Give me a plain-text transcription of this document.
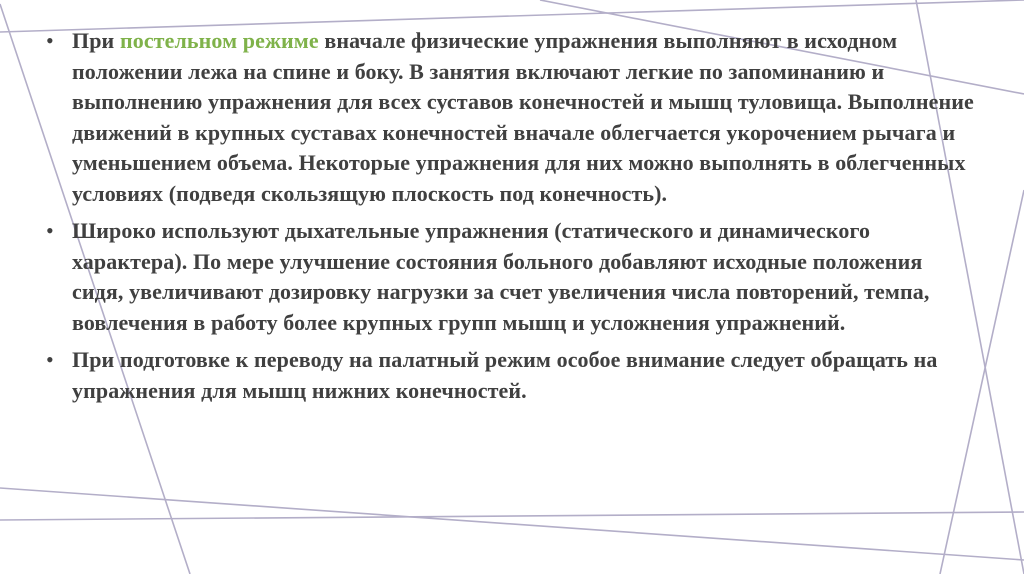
• При постельном режиме вначале физические упражнения выполняют в исходном положении лежа на спине и боку. В занятия включают легкие по запоминанию и выполнению упражнения для всех суставов конечностей и мышц туловища. Выполнение движений в крупных суставах конечностей вначале облегчается укорочением рычага и уменьшением объема. Некоторые упражнения для них можно выполнять в облегченных условиях (подведя скользящую плоскость под конечность).
• Широко используют дыхательные упражнения (статического и динамического характера). По мере улучшение состояния больного добавляют исходные положения сидя, увеличивают дозировку нагрузки за счет увеличения числа повторений, темпа, вовлечения в работу более крупных групп мышц и усложнения упражнений.
• При подготовке к переводу на палатный режим особое внимание следует обращать на упражнения для мышц нижних конечностей.
